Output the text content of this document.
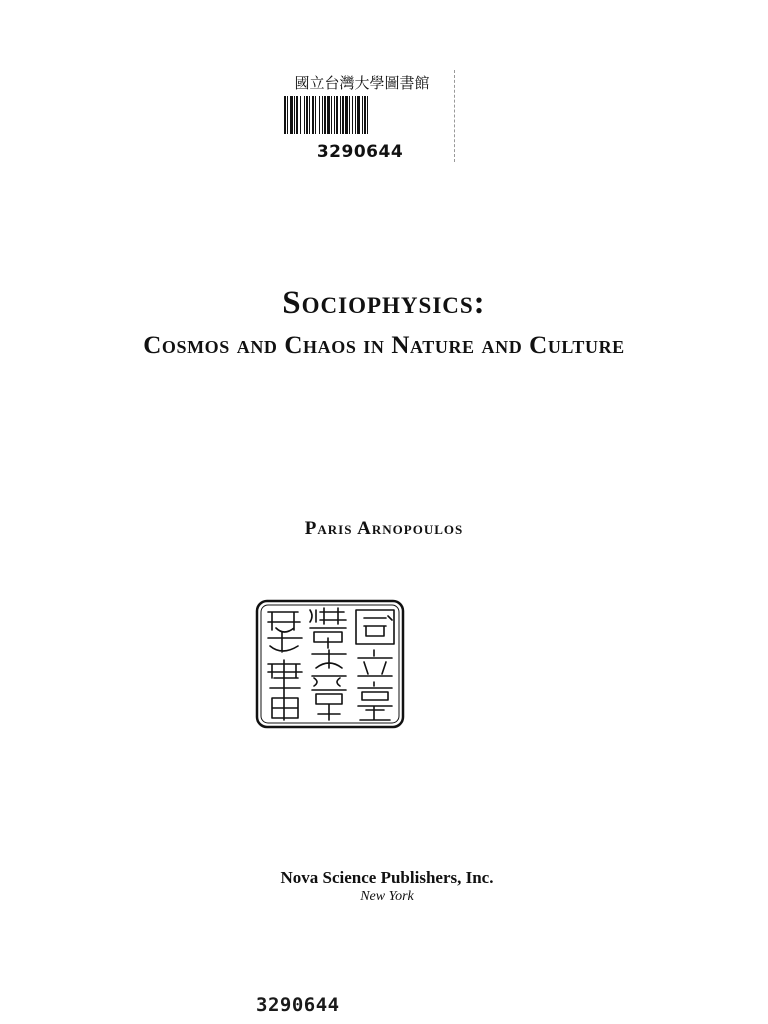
國立台灣大學圖書館
3290644
Sociophysics:
Cosmos and Chaos in Nature and Culture
Paris Arnopoulos
Nova Science Publishers, Inc.
New York
3290644
